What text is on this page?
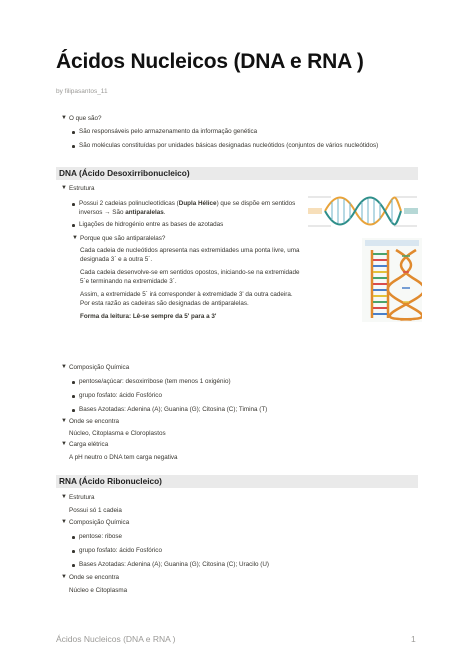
Ácidos Nucleicos (DNA e RNA )
by filipasantos_11
▼ O que são?
São responsáveis pelo armazenamento da informação genética
São moléculas constituídas por unidades básicas designadas nucleótidos (conjuntos de vários nucleótidos)
DNA (Ácido Desoxirribonucleico)
▼ Estrutura
Possui 2 cadeias polinucleotídicas (Dupla Hélice) que se dispõe em sentidos
inversos → São antiparalelas.
Ligações de hidrogénio entre as bases de azotadas
▼ Porque que são antiparalelas?
Cada cadeia de nucleótidos apresenta nas extremidades uma ponta livre, uma
designada 3´ e a outra 5´.
Cada cadeia desenvolve-se em sentidos opostos, iniciando-se na extremidade
5´e terminando na extremidade 3´.
Assim, a extremidade 5´ irá corresponder à extremidade 3' da outra cadeira.
Por esta razão as cadeiras são designadas de antiparalelas.
Forma da leitura: Lê-se sempre da 5' para a 3'
▼ Composição Química
pentose/açúcar: desoxirribose (tem menos 1 oxigénio)
grupo fosfato: ácido Fosfórico
Bases Azotadas: Adenina (A); Guanina (G); Citosina (C); Timina (T)
▼ Onde se encontra
Núcleo, Citoplasma e Cloroplastos
▼ Carga elétrica
A pH neutro o DNA tem carga negativa
RNA (Ácido Ribonucleico)
▼ Estrutura
Possui só 1 cadeia
▼ Composição Química
pentose: ribose
grupo fosfato: ácido Fosfórico
Bases Azotadas: Adenina (A); Guanina (G); Citosina (C); Uracilo (U)
▼ Onde se encontra
Núcleo e Citoplasma
Ácidos Nucleicos (DNA e RNA )	1
